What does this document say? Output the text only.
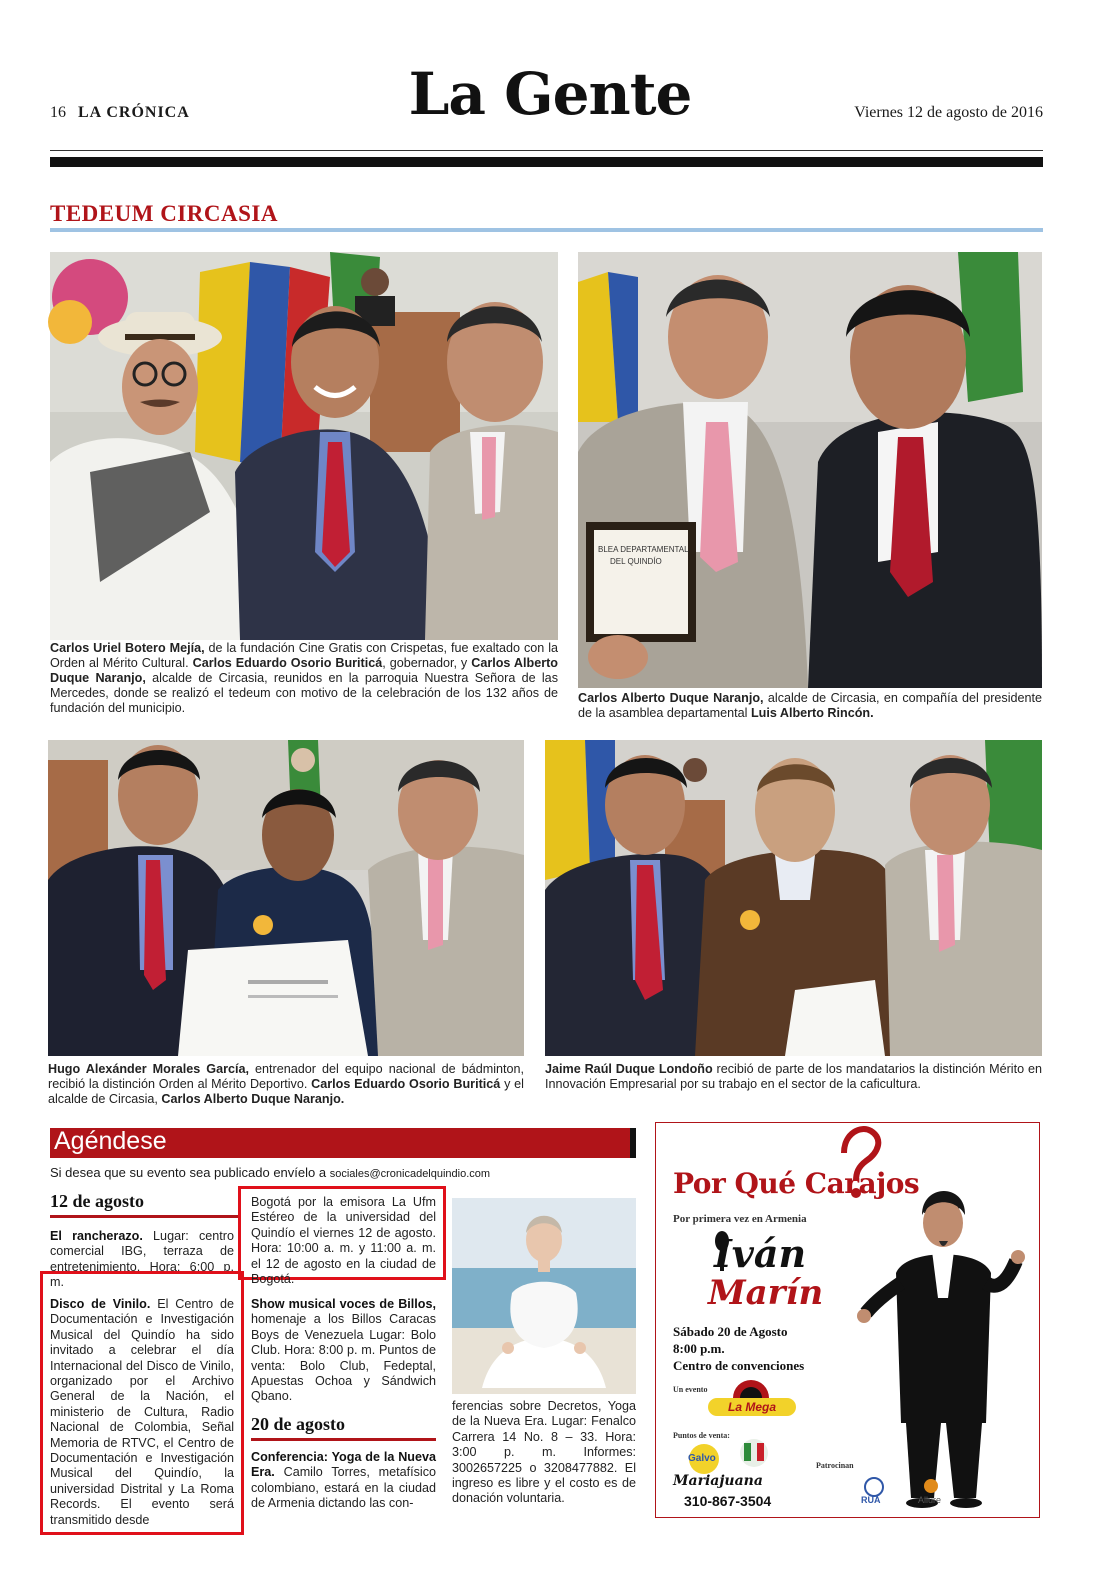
16 LA CRÓNICA	La Gente	Viernes 12 de agosto de 2016
TEDEUM CIRCASIA
Carlos Uriel Botero Mejía, de la fundación Cine Gratis con Crispetas, fue exaltado con la Orden al Mérito Cultural. Carlos Eduardo Osorio Buriticá, gobernador, y Carlos Alberto Duque Naranjo, alcalde de Circasia, reunidos en la parroquia Nuestra Señora de las Mercedes, donde se realizó el tedeum con motivo de la celebración de los 132 años de fundación del municipio.
BLEA DEPARTAMENTAL
DEL QUINDÍO
Carlos Alberto Duque Naranjo, alcalde de Circasia, en compañía del presidente de la asamblea departamental Luis Alberto Rincón.
Hugo Alexánder Morales García, entrenador del equipo nacional de bádminton, recibió la distinción Orden al Mérito Deportivo. Carlos Eduardo Osorio Buriticá y el alcalde de Circasia, Carlos Alberto Duque Naranjo.
Jaime Raúl Duque Londoño recibió de parte de los mandatarios la distinción Mérito en Innovación Empresarial por su trabajo en el sector de la caficultura.
Agéndese
Si desea que su evento sea publicado envíelo a sociales@cronicadelquindio.com
12 de agosto
El rancherazo. Lugar: centro comercial IBG, terraza de entretenimiento. Hora: 6:00 p. m.
Disco de Vinilo. El Centro de Documentación e Investigación Musical del Quindío ha sido invitado a celebrar el día Internacional del Disco de Vinilo, organizado por el Archivo General de la Nación, el ministerio de Cultura, Radio Nacional de Colombia, Señal Memoria de RTVC, el Centro de Documentación e Investigación Musical del Quindío, la universidad Distrital y La Roma Records. El evento será transmitido desde
Bogotá por la emisora La Ufm Estéreo de la universidad del Quindío el viernes 12 de agosto. Hora: 10:00 a. m. y 11:00 a. m. el 12 de agosto en la ciudad de Bogotá.
Show musical voces de Billos, homenaje a los Billos Caracas Boys de Venezuela Lugar: Bolo Club. Hora: 8:00 p. m. Puntos de venta: Bolo Club, Fedeptal, Apuestas Ochoa y Sándwich Qbano.
20 de agosto
Conferencia: Yoga de la Nueva Era. Camilo Torres, metafísico colombiano, estará en la ciudad de Armenia dictando las con-
ferencias sobre Decretos, Yoga de la Nueva Era. Lugar: Fenalco Carrera 14 No. 8 – 33. Hora: 3:00 p. m. Informes: 3002657225 o 3208477882. El ingreso es libre y el costo es de donación voluntaria.
Por Qué Carajos
Por primera vez en Armenia
Iván
Marín
Sábado 20 de Agosto
8:00 p.m.
Centro de convenciones
Un evento
La Mega
Puntos de venta:
Galvo
Mariajuana
Patrocinan
RUA	Allure
310-867-3504
